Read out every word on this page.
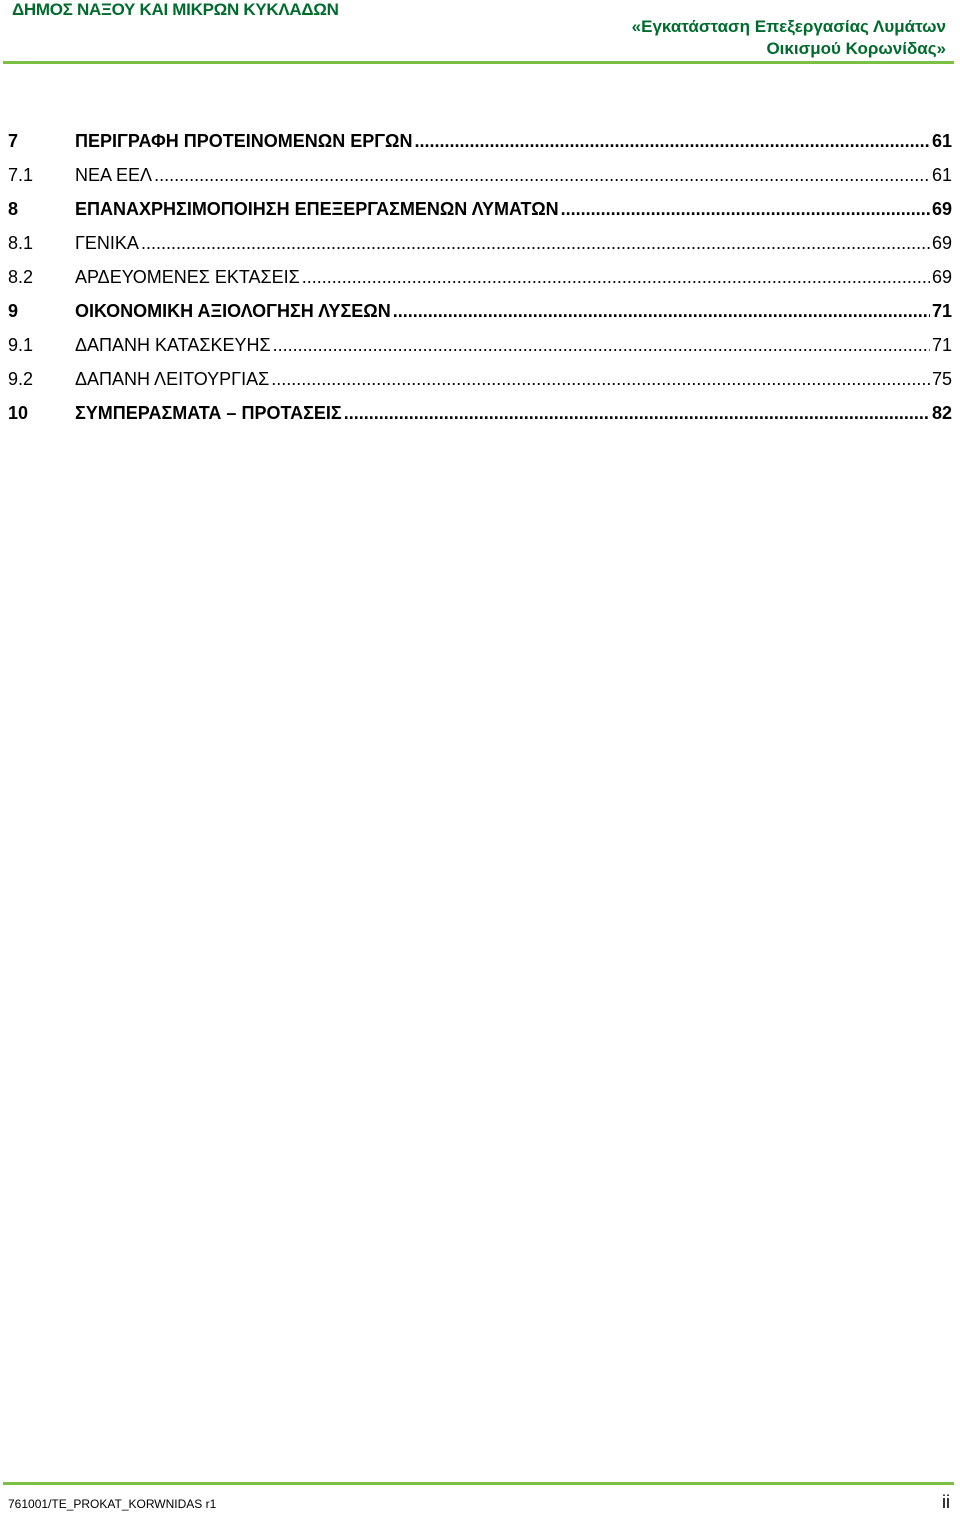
ΔΗΜΟΣ ΝΑΞΟΥ ΚΑΙ ΜΙΚΡΩΝ ΚΥΚΛΑΔΩΝ
«Εγκατάσταση Επεξεργασίας Λυμάτων
Οικισμού Κορωνίδας»
7	ΠΕΡΙΓΡΑΦΗ ΠΡΟΤΕΙΝΟΜΕΝΩΝ ΕΡΓΩΝ .....	61
7.1	ΝΕΑ ΕΕΛ .....	61
8	ΕΠΑΝΑΧΡΗΣΙΜΟΠΟΙΗΣΗ ΕΠΕΞΕΡΓΑΣΜΕΝΩΝ ΛΥΜΑΤΩΝ .....	69
8.1	ΓΕΝΙΚΑ .....	69
8.2	ΑΡΔΕΥΟΜΕΝΕΣ ΕΚΤΑΣΕΙΣ .....	69
9	ΟΙΚΟΝΟΜΙΚΗ ΑΞΙΟΛΟΓΗΣΗ ΛΥΣΕΩΝ .....	71
9.1	ΔΑΠΑΝΗ ΚΑΤΑΣΚΕΥΗΣ .....	71
9.2	ΔΑΠΑΝΗ ΛΕΙΤΟΥΡΓΙΑΣ .....	75
10	ΣΥΜΠΕΡΑΣΜΑΤΑ – ΠΡΟΤΑΣΕΙΣ .....	82
761001/TE_PROKAT_KORWNIDAS r1	ii
